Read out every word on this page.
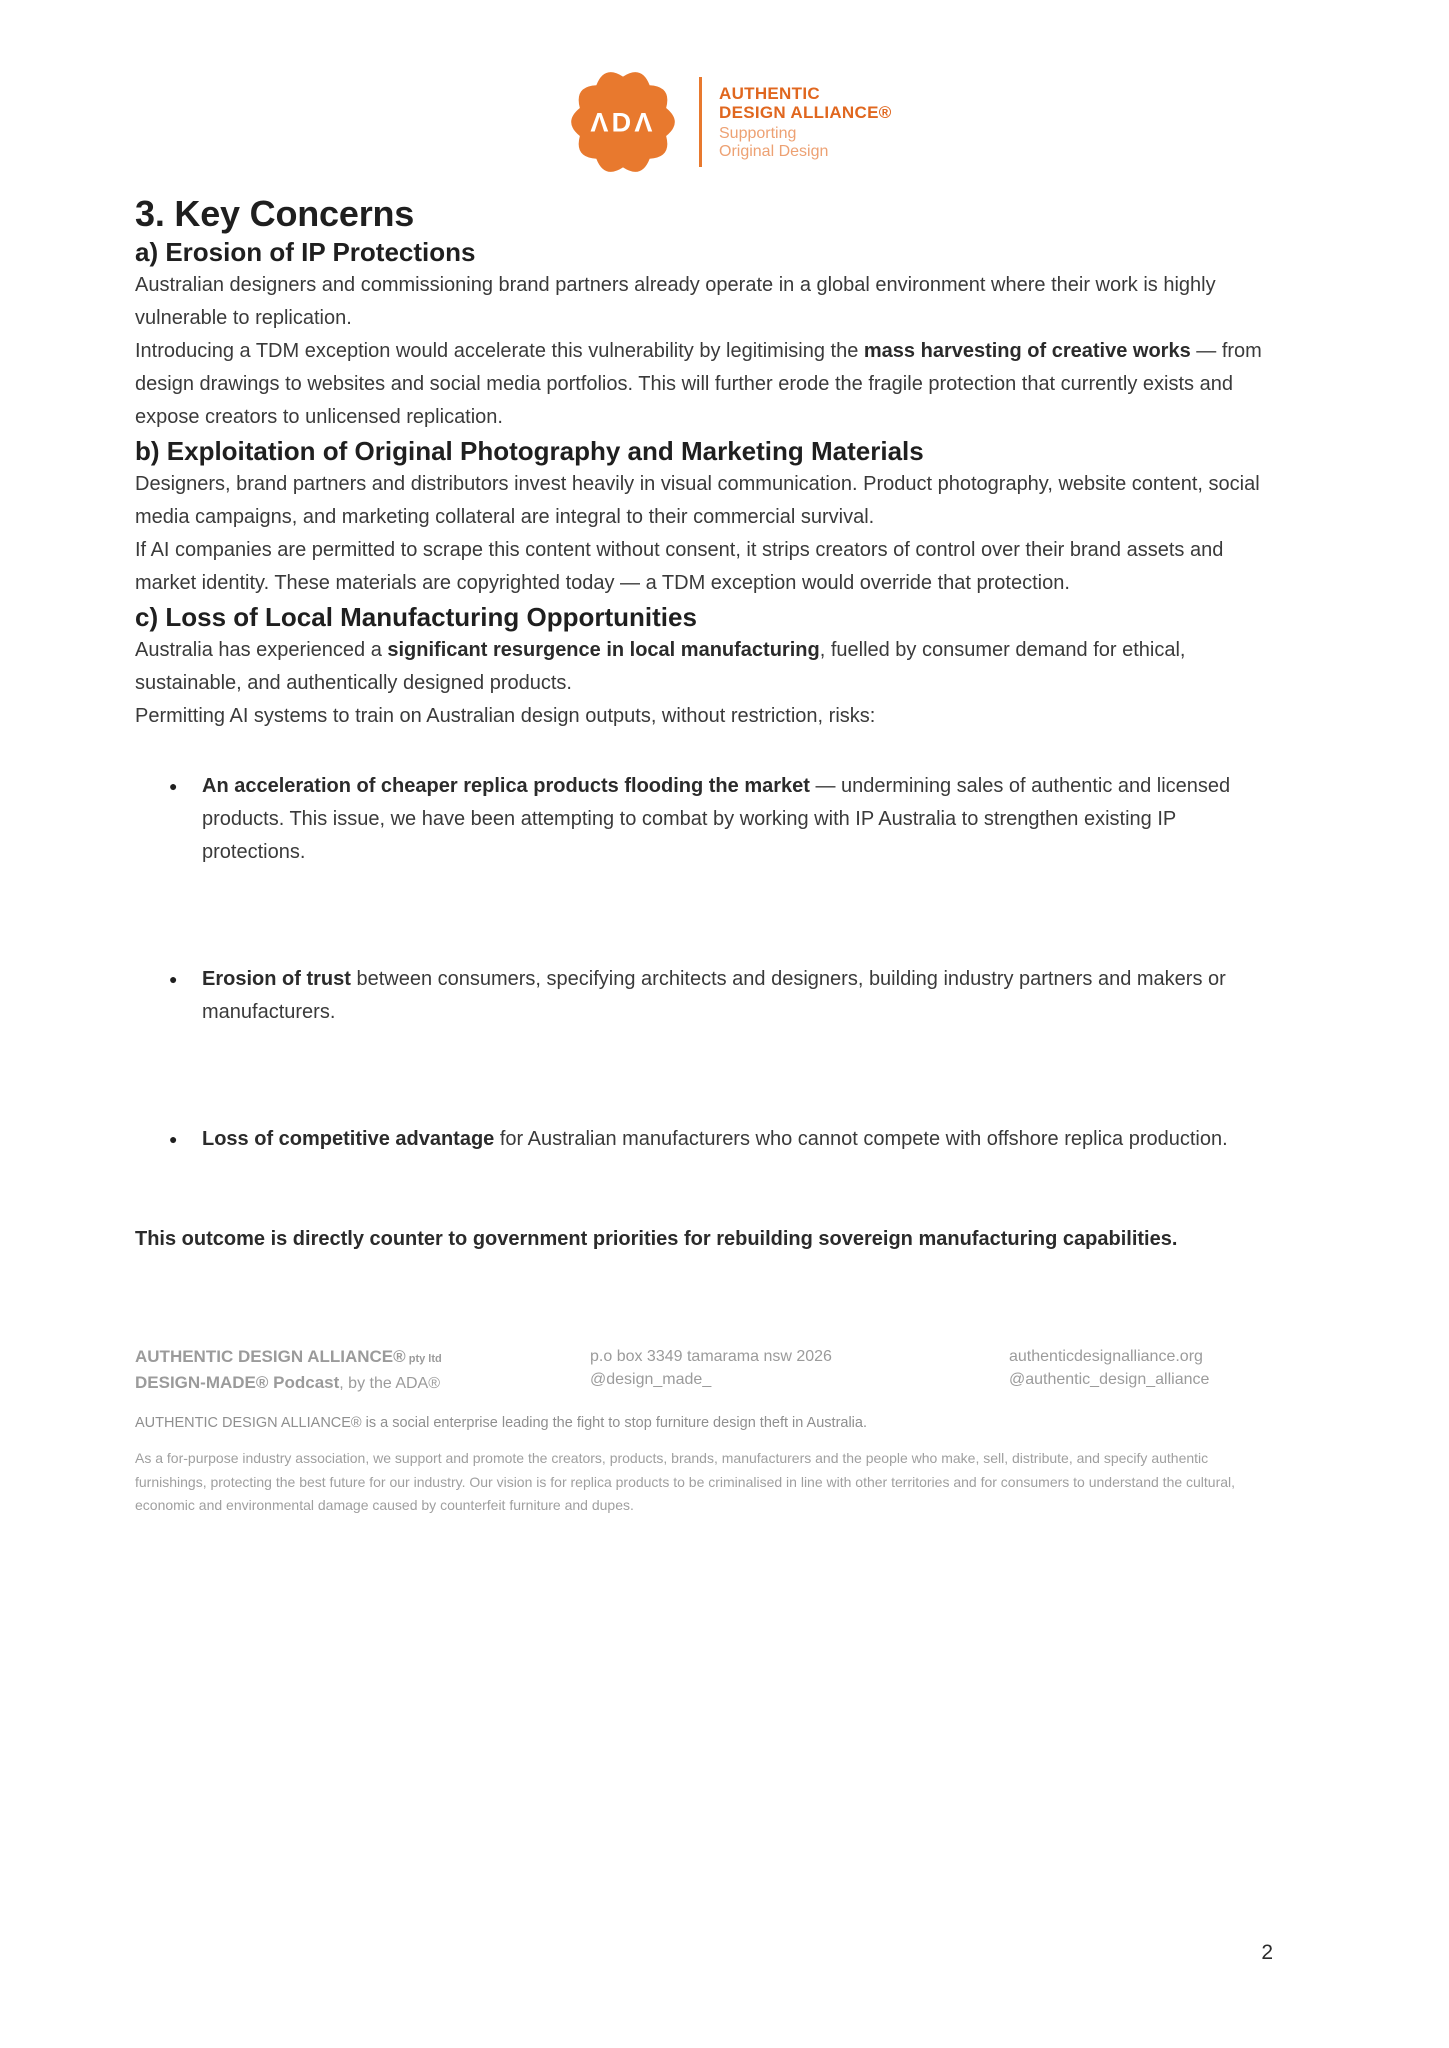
ΛDΛ
AUTHENTIC
DESIGN ALLIANCE®
Supporting
Original Design
3. Key Concerns
a) Erosion of IP Protections

Australian designers and commissioning brand partners already operate in a global environment where their work is highly vulnerable to replication.

Introducing a TDM exception would accelerate this vulnerability by legitimising the mass harvesting of creative works — from design drawings to websites and social media portfolios. This will further erode the fragile protection that currently exists and expose creators to unlicensed replication.

b) Exploitation of Original Photography and Marketing Materials

Designers, brand partners and distributors invest heavily in visual communication. Product photography, website content, social media campaigns, and marketing collateral are integral to their commercial survival.

If AI companies are permitted to scrape this content without consent, it strips creators of control over their brand assets and market identity. These materials are copyrighted today — a TDM exception would override that protection.

c) Loss of Local Manufacturing Opportunities

Australia has experienced a significant resurgence in local manufacturing, fuelled by consumer demand for ethical, sustainable, and authentically designed products.

Permitting AI systems to train on Australian design outputs, without restriction, risks:

● An acceleration of cheaper replica products flooding the market — undermining sales of authentic and licensed products. This issue, we have been attempting to combat by working with IP Australia to strengthen existing IP protections.
● Erosion of trust between consumers, specifying architects and designers, building industry partners and makers or manufacturers.
● Loss of competitive advantage for Australian manufacturers who cannot compete with offshore replica production.

This outcome is directly counter to government priorities for rebuilding sovereign manufacturing capabilities.

AUTHENTIC DESIGN ALLIANCE® pty ltd
DESIGN-MADE® Podcast, by the ADA®
p.o box 3349 tamarama nsw 2026
@design_made_
authenticdesignalliance.org
@authentic_design_alliance
AUTHENTIC DESIGN ALLIANCE® is a social enterprise leading the fight to stop furniture design theft in Australia.
As a for-purpose industry association, we support and promote the creators, products, brands, manufacturers and the people who make, sell, distribute, and specify authentic furnishings, protecting the best future for our industry. Our vision is for replica products to be criminalised in line with other territories and for consumers to understand the cultural, economic and environmental damage caused by counterfeit furniture and dupes.
2
